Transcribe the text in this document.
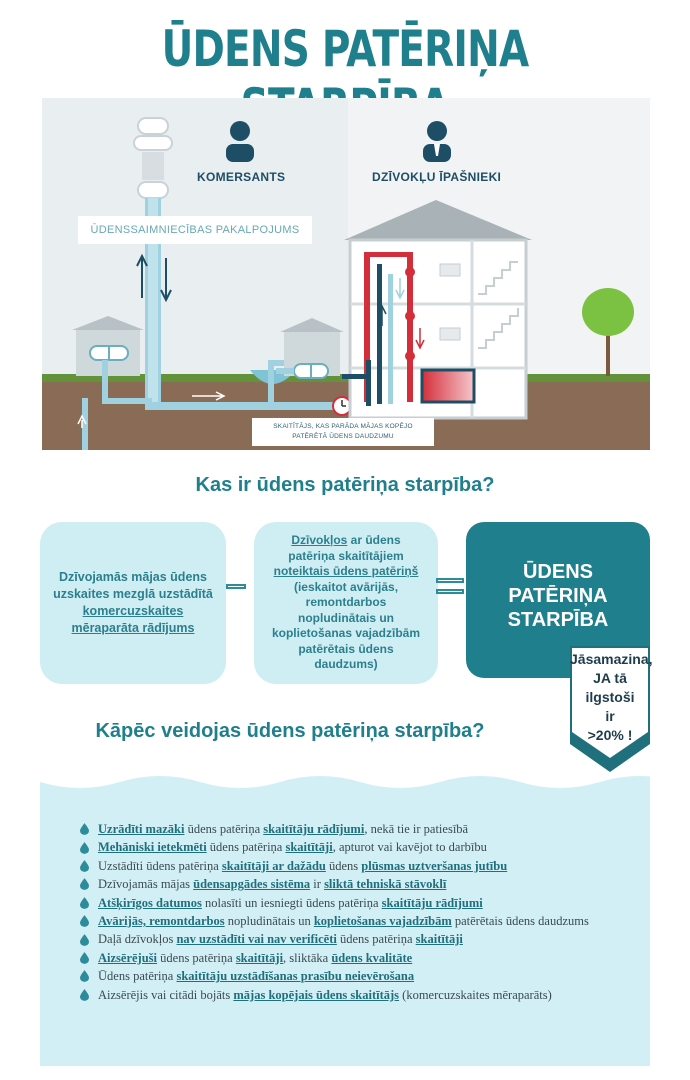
ŪDENS PATĒRIŅA
KOMERSANTS	DZĪVOKĻU ĪPAŠNIEKI
ŪDENSSAIMNIECĪBAS PAKALPOJUMS
SKAITĪTĀJS, KAS PARĀDA MĀJAS KOPĒJO
PATĒRĒTĀ ŪDENS DAUDZUMU
Kas ir ūdens patēriņa starpība?
Dzīvojamās mājas ūdens
uzskaites mezglā uzstādītā
komercuzskaites
mēraparāta rādījums
Dzīvokļos ar ūdens
patēriņa skaitītājiem
noteiktais ūdens patēriņš
(ieskaitot avārijās,
remontdarbos
nopludinātais un
koplietošanas vajadzībām
patērētais ūdens
daudzums)
ŪDENS
PATĒRIŅA
STARPĪBA
Jāsamazina,
JA tā ilgstoši
ir
>20% !
Kāpēc veidojas ūdens patēriņa starpība?
Uzrādīti mazāki ūdens patēriņa skaitītāju rādījumi , nekā tie ir patiesībā
Mehāniski ietekmēti ūdens patēriņa skaitītāji , apturot vai kavējot to darbību
Uzstādīti ūdens patēriņa skaitītāji ar dažādu ūdens plūsmas uztveršanas jutību
Dzīvojamās mājas ūdensapgādes sistēma ir sliktā tehniskā stāvoklī
Atšķirīgos datumos nolasīti un iesniegti ūdens patēriņa skaitītāju rādījumi
Avārijās, remontdarbos nopludinātais un koplietošanas vajadzībām patērētais ūdens daudzums
Daļā dzīvokļos nav uzstādīti vai nav verificēti ūdens patēriņa skaitītāji
Aizsērējuši ūdens patēriņa skaitītāji , sliktāka ūdens kvalitāte
Ūdens patēriņa skaitītāju uzstādīšanas prasību neievērošana
Aizsērējis vai citādi bojāts mājas kopējais ūdens skaitītājs (komercuzskaites mēraparāts)
